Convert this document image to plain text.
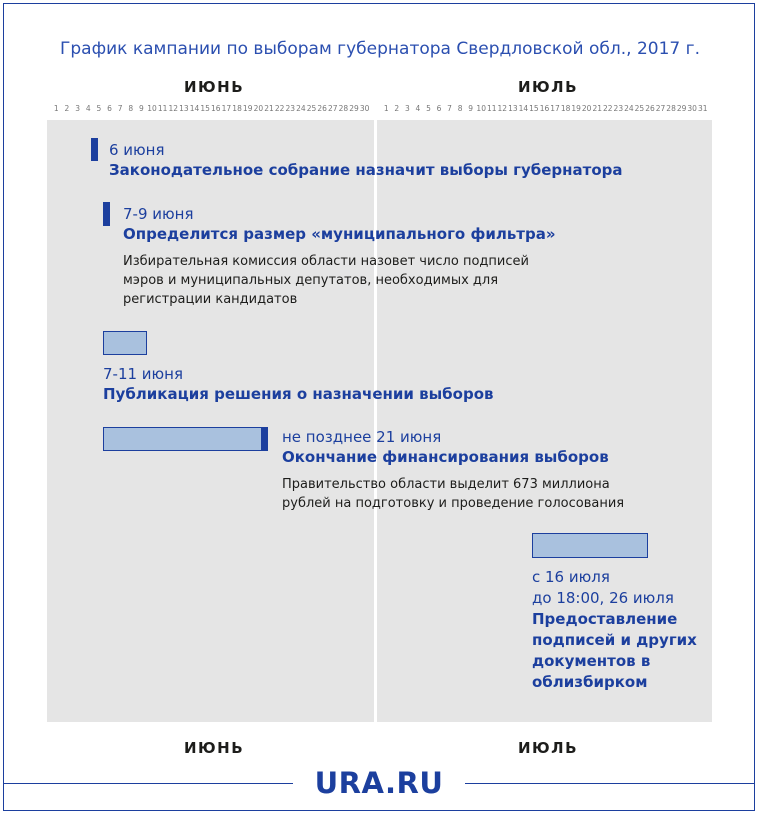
График кампании по выборам губернатора Свердловской обл., 2017 г.
ИЮНЬ	ИЮЛЬ
1 2 3 4 5 6 7 8 9 10 11 12 13 14 15 16 17 18 19 20 21 22 23 24 25 26 27 28 29 30 1 2 3 4 5 6 7 8 9 10 11 12 13 14 15 16 17 18 19 20 21 22 23 24 25 26 27 28 29 30 31
6 июня
Законодательное собрание назначит выборы губернатора
7-9 июня
Определится размер «муниципального фильтра»
Избирательная комиссия области назовет число подписей мэров и муниципальных депутатов, необходимых для регистрации кандидатов
7-11 июня
Публикация решения о назначении выборов
не позднее 21 июня
Окончание финансирования выборов
Правительство области выделит 673 миллиона рублей на подготовку и проведение голосования
с 16 июля
до 18:00, 26 июля
Предоставление
подписей и других
документов в
облизбирком
ИЮНЬ	ИЮЛЬ
URA.RU
